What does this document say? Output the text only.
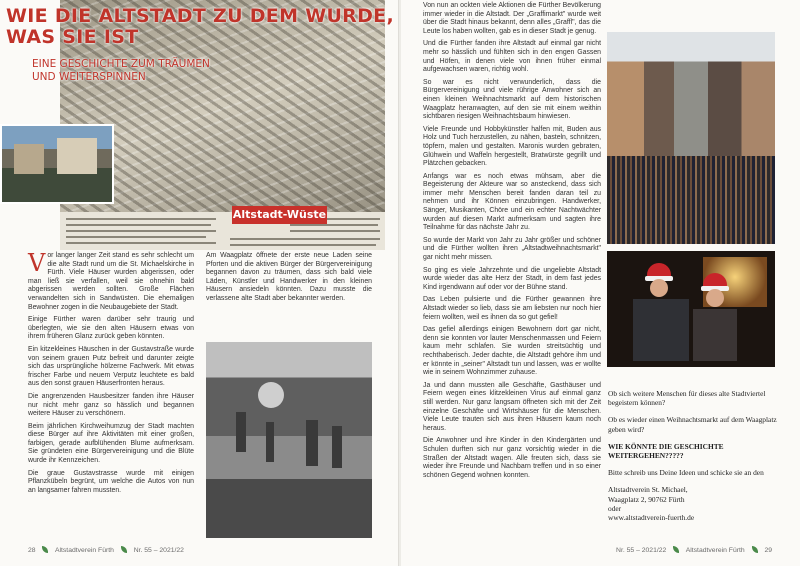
Altstadt-Wüste
WIE DIE ALTSTADT ZU DEM WURDE,
WAS SIE IST
EINE GESCHICHTE ZUM TRÄUMEN
UND WEITERSPINNEN

Vor langer langer Zeit stand es sehr schlecht um die alte Stadt rund um die St. Michaelskirche in Fürth. Viele Häuser wurden abgerissen, oder man ließ sie verfallen, weil sie ohnehin bald abgerissen werden sollten. Große Flächen verwandelten sich in Sandwüsten. Die ehemaligen Bewohner zogen in die Neubaugebiete der Stadt.

Einige Fürther waren darüber sehr traurig und überlegten, wie sie den alten Häusern etwas von ihrem früheren Glanz zurück geben könnten.

Ein kitzekleines Häuschen in der Gustavstraße wurde von seinem grauen Putz befreit und darunter zeigte sich das ursprüngliche hölzerne Fachwerk. Mit etwas frischer Farbe und neuem Verputz leuchtete es bald aus den sonst grauen Häuserfronten heraus.

Die angrenzenden Hausbesitzer fanden ihre Häuser nur nicht mehr ganz so hässlich und begannen weitere Häuser zu verschönern.

Beim jährlichen Kirchweihumzug der Stadt machten diese Bürger auf ihre Aktivitäten mit einer großen, farbigen, gerade aufblühenden Blume aufmerksam. Sie gründeten eine Bürgervereinigung und die Blüte wurde ihr Kennzeichen.

Die graue Gustavstrasse wurde mit einigen Pflanzkübeln begrünt, um welche die Autos von nun an langsamer fahren mussten.

Am Waagplatz öffnete der erste neue Laden seine Pforten und die aktiven Bürger der Bürgervereinigung begannen davon zu träumen, dass sich bald viele Läden, Künstler und Handwerker in den kleinen Häusern ansiedeln könnten. Dazu musste die verlassene alte Stadt aber bekannter werden.

28	Altstadtverein Fürth	Nr. 55 – 2021/22

Von nun an ockten viele Aktionen die Fürther Bevölkerung immer wieder in die Altstadt. Der „Graffimarkt" wurde weit über die Stadt hinaus bekannt, denn alles „Graffl", das die Leute los haben wollten, gab es in dieser Stadt je genug.

Und die Fürther fanden ihre Altstadt auf einmal gar nicht mehr so hässlich und fühlten sich in den engen Gassen und Höfen, in denen viele von ihnen früher einmal aufgewachsen waren, richtig wohl.

So war es nicht verwunderlich, dass die Bürgervereinigung und viele rührige Anwohner sich an einen kleinen Weihnachtsmarkt auf dem historischen Waagplatz heranwagten, auf den sie mit einem weithin sichtbaren riesigen Weihnachtsbaum hinwiesen.

Viele Freunde und Hobbykünstler halfen mit, Buden aus Holz und Tuch herzustellen, zu nähen, basteln, schnitzen, töpfern, malen und gestalten. Maronis wurden gebraten, Glühwein und Waffeln hergestellt, Bratwürste gegrillt und Plätzchen gebacken.

Anfangs war es noch etwas mühsam, aber die Begeisterung der Akteure war so ansteckend, dass sich immer mehr Menschen bereit fanden daran teil zu nehmen und ihr Können einzubringen. Handwerker, Sänger, Musikanten, Chöre und ein echter Nachtwächter wurden auf diesen Markt aufmerksam und sagten ihre Teilnahme für das nächste Jahr zu.

So wurde der Markt von Jahr zu Jahr größer und schöner und die Fürther wollten ihren „Altstadtweihnachtsmarkt" gar nicht mehr missen.

So ging es viele Jahrzehnte und die ungeliebte Altstadt wurde wieder das alte Herz der Stadt, in dem fast jedes Kind irgendwann auf oder vor der Bühne stand.

Das Leben pulsierte und die Fürther gewannen ihre Altstadt wieder so lieb, dass sie am liebsten nur noch hier feiern wollten, weil es ihnen da so gut gefiel!

Das gefiel allerdings einigen Bewohnern dort gar nicht, denn sie konnten vor lauter Menschenmassen und Feiern kaum mehr schlafen. Sie wurden streitsüchtig und rechthaberisch. Jeder dachte, die Altstadt gehöre ihm und er könnte in „seiner" Altstadt tun und lassen, was er wollte wie in seinem Wohnzimmer zuhause.

Ja und dann mussten alle Geschäfte, Gasthäuser und Feiern wegen eines klitzekleinen Virus auf einmal ganz still werden. Nur ganz langsam öffneten sich mit der Zeit einzelne Geschäfte und Wirtshäuser für die Menschen. Viele Leute trauten sich aus ihren Häusern kaum noch heraus.

Die Anwohner und ihre Kinder in den Kindergärten und Schulen durften sich nur ganz vorsichtig wieder in die Straßen der Altstadt wagen. Alle freuten sich, dass sie wieder ihre Freunde und Nachbarn treffen und in so einer schönen Gegend wohnen konnten.

Ob sich weitere Menschen für dieses alte Stadtviertel begeistern können?

Ob es wieder einen Weihnachtsmarkt auf dem Waagplatz geben wird?

WIE KÖNNTE DIE GESCHICHTE WEITERGEHEN?????

Bitte schreib uns Deine Ideen und schicke sie an den

Altstadtverein St. Michael,
Waagplatz 2, 90762 Fürth
oder
www.altstadtverein-fuerth.de
Nr. 55 – 2021/22	Altstadtverein Fürth	29
